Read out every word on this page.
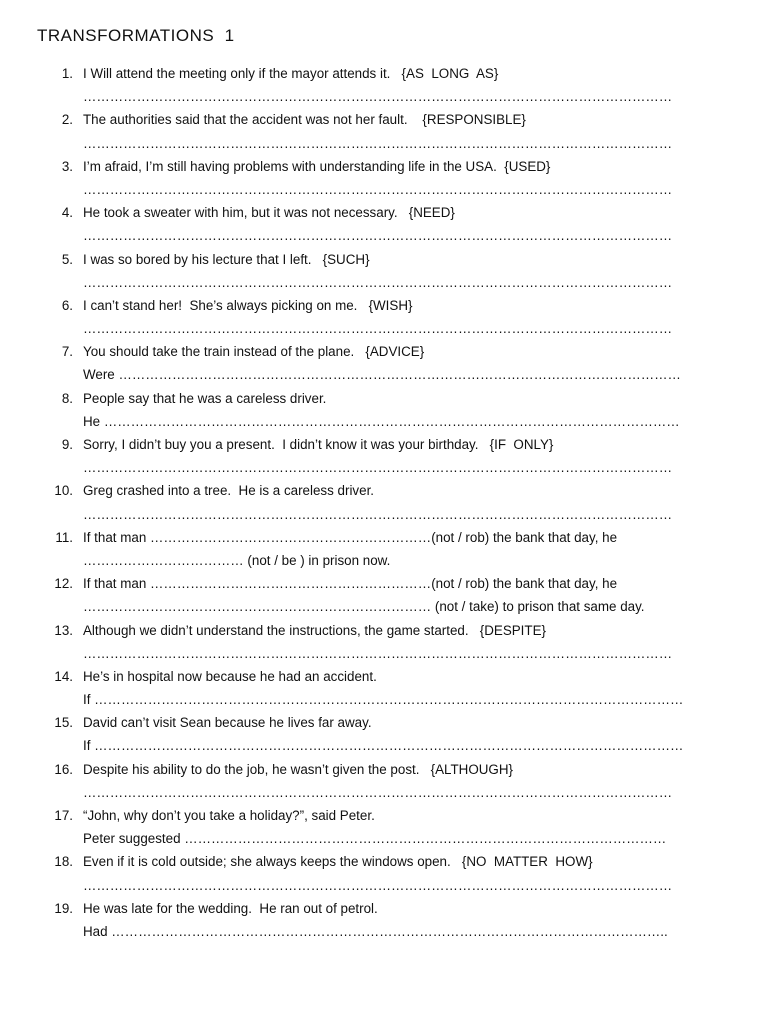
TRANSFORMATIONS  1
1. I Will attend the meeting only if the mayor attends it.   {AS  LONG  AS}
……………………………………………………………………………………………………………………
2. The authorities said that the accident was not her fault.    {RESPONSIBLE}
……………………………………………………………………………………………………………………
3. I’m afraid, I’m still having problems with understanding life in the USA.  {USED}
……………………………………………………………………………………………………………………
4. He took a sweater with him, but it was not necessary.   {NEED}
……………………………………………………………………………………………………………………
5. I was so bored by his lecture that I left.   {SUCH}
……………………………………………………………………………………………………………………
6. I can’t stand her!  She’s always picking on me.   {WISH}
……………………………………………………………………………………………………………………
7. You should take the train instead of the plane.   {ADVICE}
Were ………………………………………………………………………………………………………………
8. People say that he was a careless driver.
He …………………………………………………………………………………………………………………
9. Sorry, I didn’t buy you a present.  I didn’t know it was your birthday.   {IF  ONLY}
……………………………………………………………………………………………………………………
10. Greg crashed into a tree.  He is a careless driver.
……………………………………………………………………………………………………………………
11. If that man ………………………………………………………(not / rob) the bank that day, he
……………………………… (not / be ) in prison now.
12. If that man ………………………………………………………(not / rob) the bank that day, he
…………………………………………………………………… (not / take) to prison that same day.
13. Although we didn’t understand the instructions, the game started.   {DESPITE}
……………………………………………………………………………………………………………………
14. He’s in hospital now because he had an accident.
If ……………………………………………………………………………………………………………………
15. David can’t visit Sean because he lives far away.
If ……………………………………………………………………………………………………………………
16. Despite his ability to do the job, he wasn’t given the post.   {ALTHOUGH}
……………………………………………………………………………………………………………………
17. “John, why don’t you take a holiday?”, said Peter.
Peter suggested ………………………………………………………………………………………………
18. Even if it is cold outside; she always keeps the windows open.   {NO  MATTER  HOW}
……………………………………………………………………………………………………………………
19. He was late for the wedding.  He ran out of petrol.
Had ……………………………………………………………………………………………………………..
